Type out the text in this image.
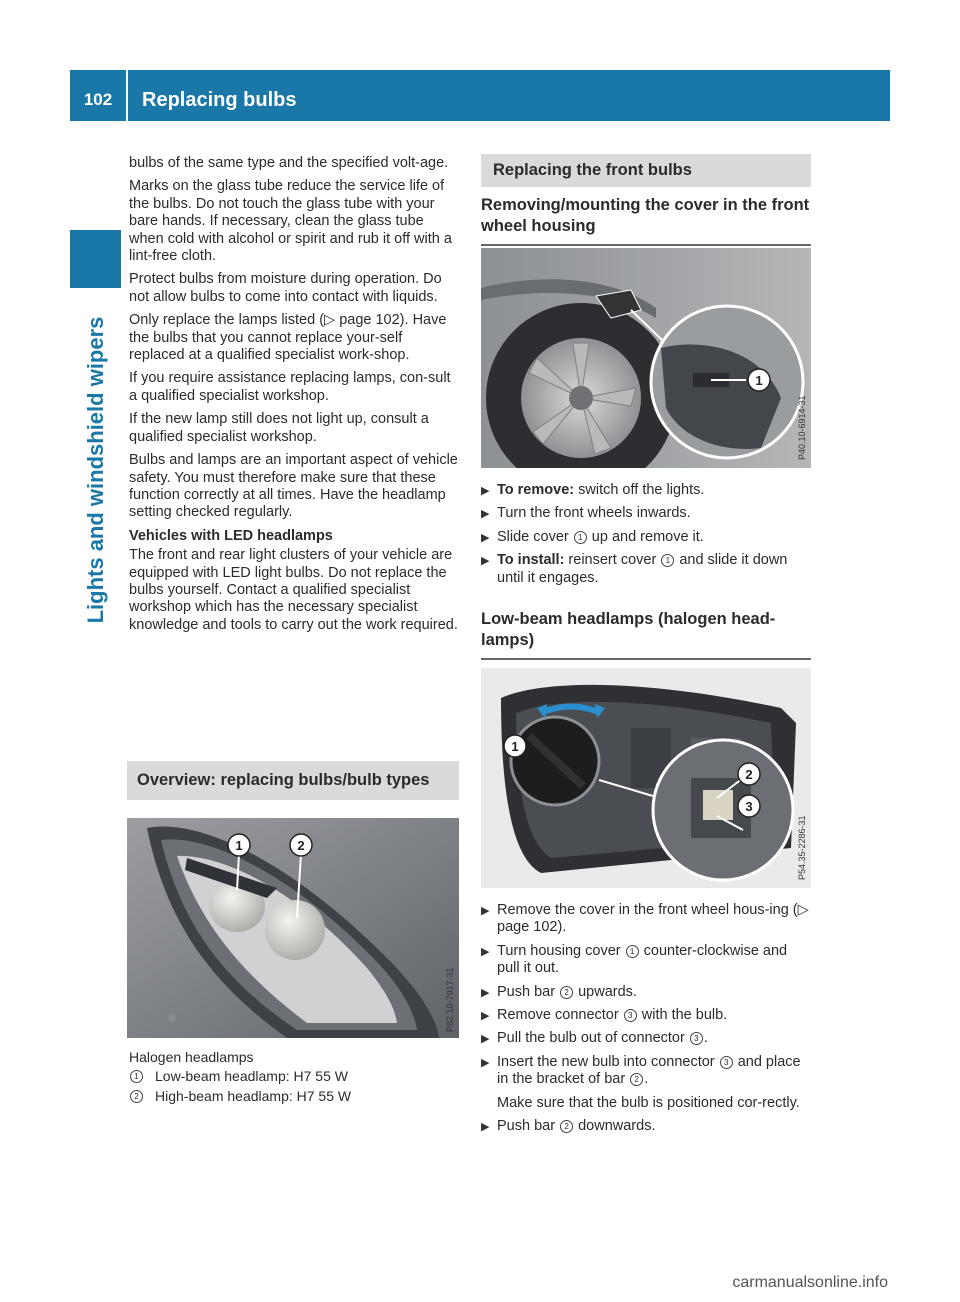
102	Replacing bulbs
Lights and windshield wipers

bulbs of the same type and the specified volt-age.

Marks on the glass tube reduce the service life of the bulbs. Do not touch the glass tube with your bare hands. If necessary, clean the glass tube when cold with alcohol or spirit and rub it off with a lint-free cloth.

Protect bulbs from moisture during operation. Do not allow bulbs to come into contact with liquids.

Only replace the lamps listed (▷ page 102). Have the bulbs that you cannot replace your-self replaced at a qualified specialist work-shop.

If you require assistance replacing lamps, con-sult a qualified specialist workshop.

If the new lamp still does not light up, consult a qualified specialist workshop.

Bulbs and lamps are an important aspect of vehicle safety. You must therefore make sure that these function correctly at all times. Have the headlamp setting checked regularly.

Vehicles with LED headlamps

The front and rear light clusters of your vehicle are equipped with LED light bulbs. Do not replace the bulbs yourself. Contact a qualified specialist workshop which has the necessary specialist knowledge and tools to carry out the work required.

Overview: replacing bulbs/bulb types
1	2
P82.10-7917-31
Halogen headlamps
1	Low-beam headlamp: H7 55 W
2	High-beam headlamp: H7 55 W
Replacing the front bulbs
Removing/mounting the cover in the front wheel housing
1
P40.10-6914-31
▶ To remove: switch off the lights.
▶ Turn the front wheels inwards.
▶ Slide cover 1 up and remove it.
▶ To install: reinsert cover 1 and slide it down until it engages.
Low-beam headlamps (halogen head-lamps)
1
2
3
P54.35-2286-31
▶ Remove the cover in the front wheel hous-ing (▷ page 102).
▶ Turn housing cover 1 counter-clockwise and pull it out.
▶ Push bar 2 upwards.
▶ Remove connector 3 with the bulb.
▶ Pull the bulb out of connector 3 .
▶ Insert the new bulb into connector 3 and place in the bracket of bar 2 .

Make sure that the bulb is positioned cor-rectly.

▶ Push bar 2 downwards.
carmanualsonline.info
